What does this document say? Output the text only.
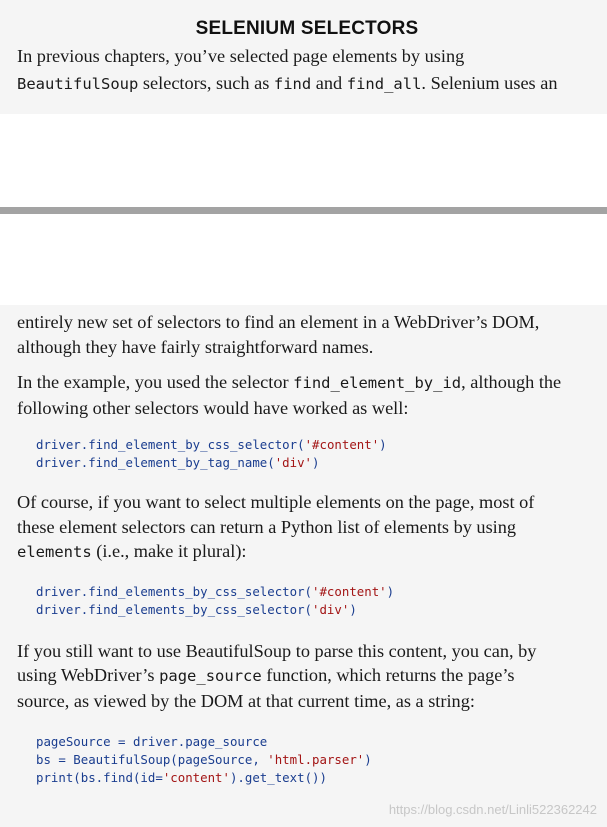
SELENIUM SELECTORS

In previous chapters, you’ve selected page elements by using

BeautifulSoup selectors, such as find and find_all. Selenium uses an

entirely new set of selectors to find an element in a WebDriver’s DOM,

although they have fairly straightforward names.

In the example, you used the selector find_element_by_id, although the

following other selectors would have worked as well:

driver.find_element_by_css_selector('#content')
driver.find_element_by_tag_name('div')

Of course, if you want to select multiple elements on the page, most of

these element selectors can return a Python list of elements by using

elements (i.e., make it plural):

driver.find_elements_by_css_selector('#content')
driver.find_elements_by_css_selector('div')

If you still want to use BeautifulSoup to parse this content, you can, by

using WebDriver’s page_source function, which returns the page’s

source, as viewed by the DOM at that current time, as a string:

pageSource = driver.page_source
bs = BeautifulSoup(pageSource, 'html.parser')
print(bs.find(id='content').get_text())
https://blog.csdn.net/Linli522362242
